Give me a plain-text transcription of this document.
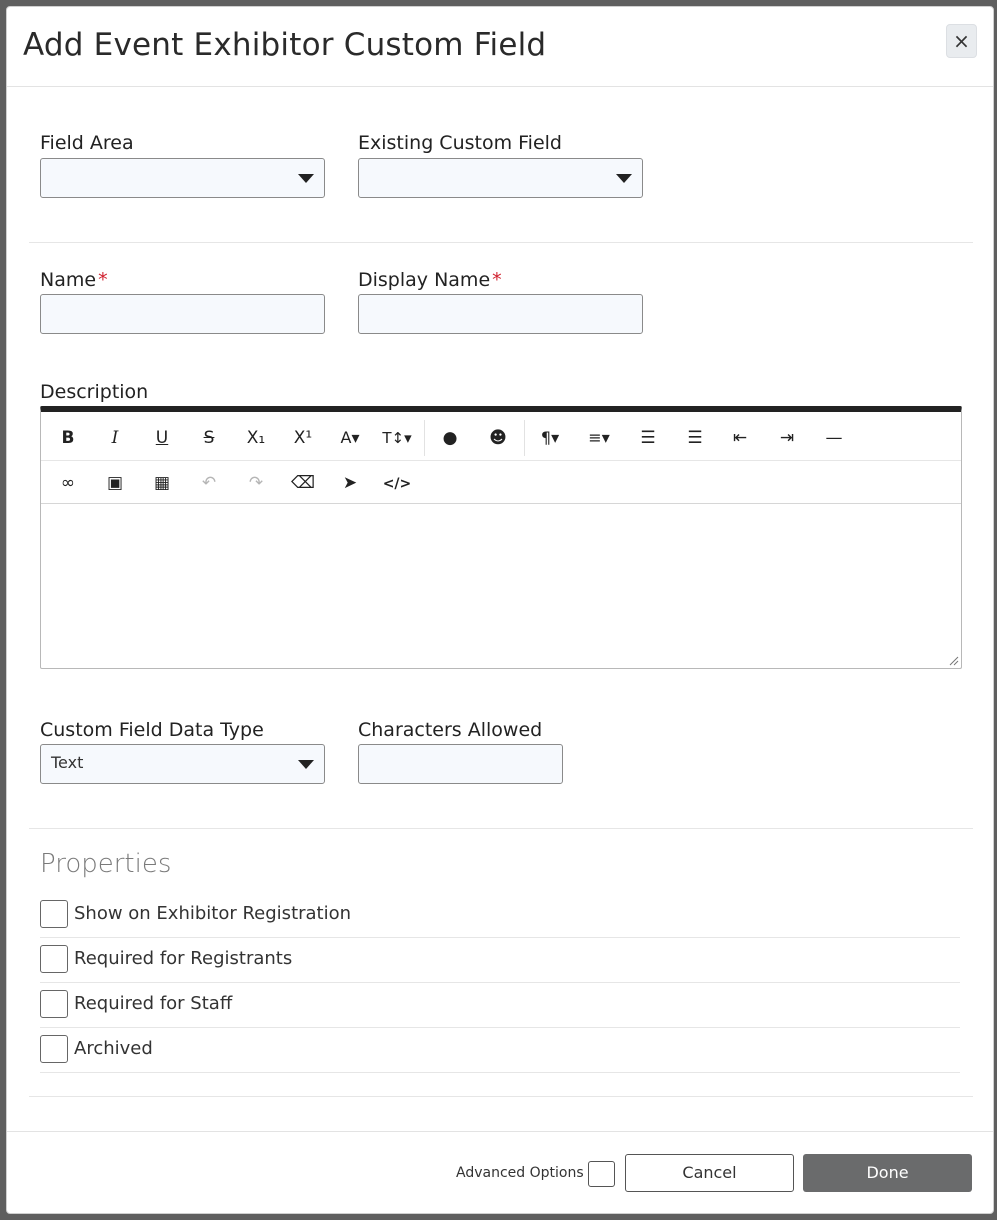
Add Event Exhibitor Custom Field	×
Field Area	Existing Custom Field
Name *	Display Name *
Description
B	I	U	S	X₁	X¹	A▾	T↕▾	●	☻	¶▾	≡▾	☰	☰	⇤	⇥	—
∞	▣	▦	↶	↷	⌫	➤	</>
Custom Field Data Type
Text
Characters Allowed
Properties
Show on Exhibitor Registration
Required for Registrants
Required for Staff
Archived
Advanced Options	Cancel	Done
